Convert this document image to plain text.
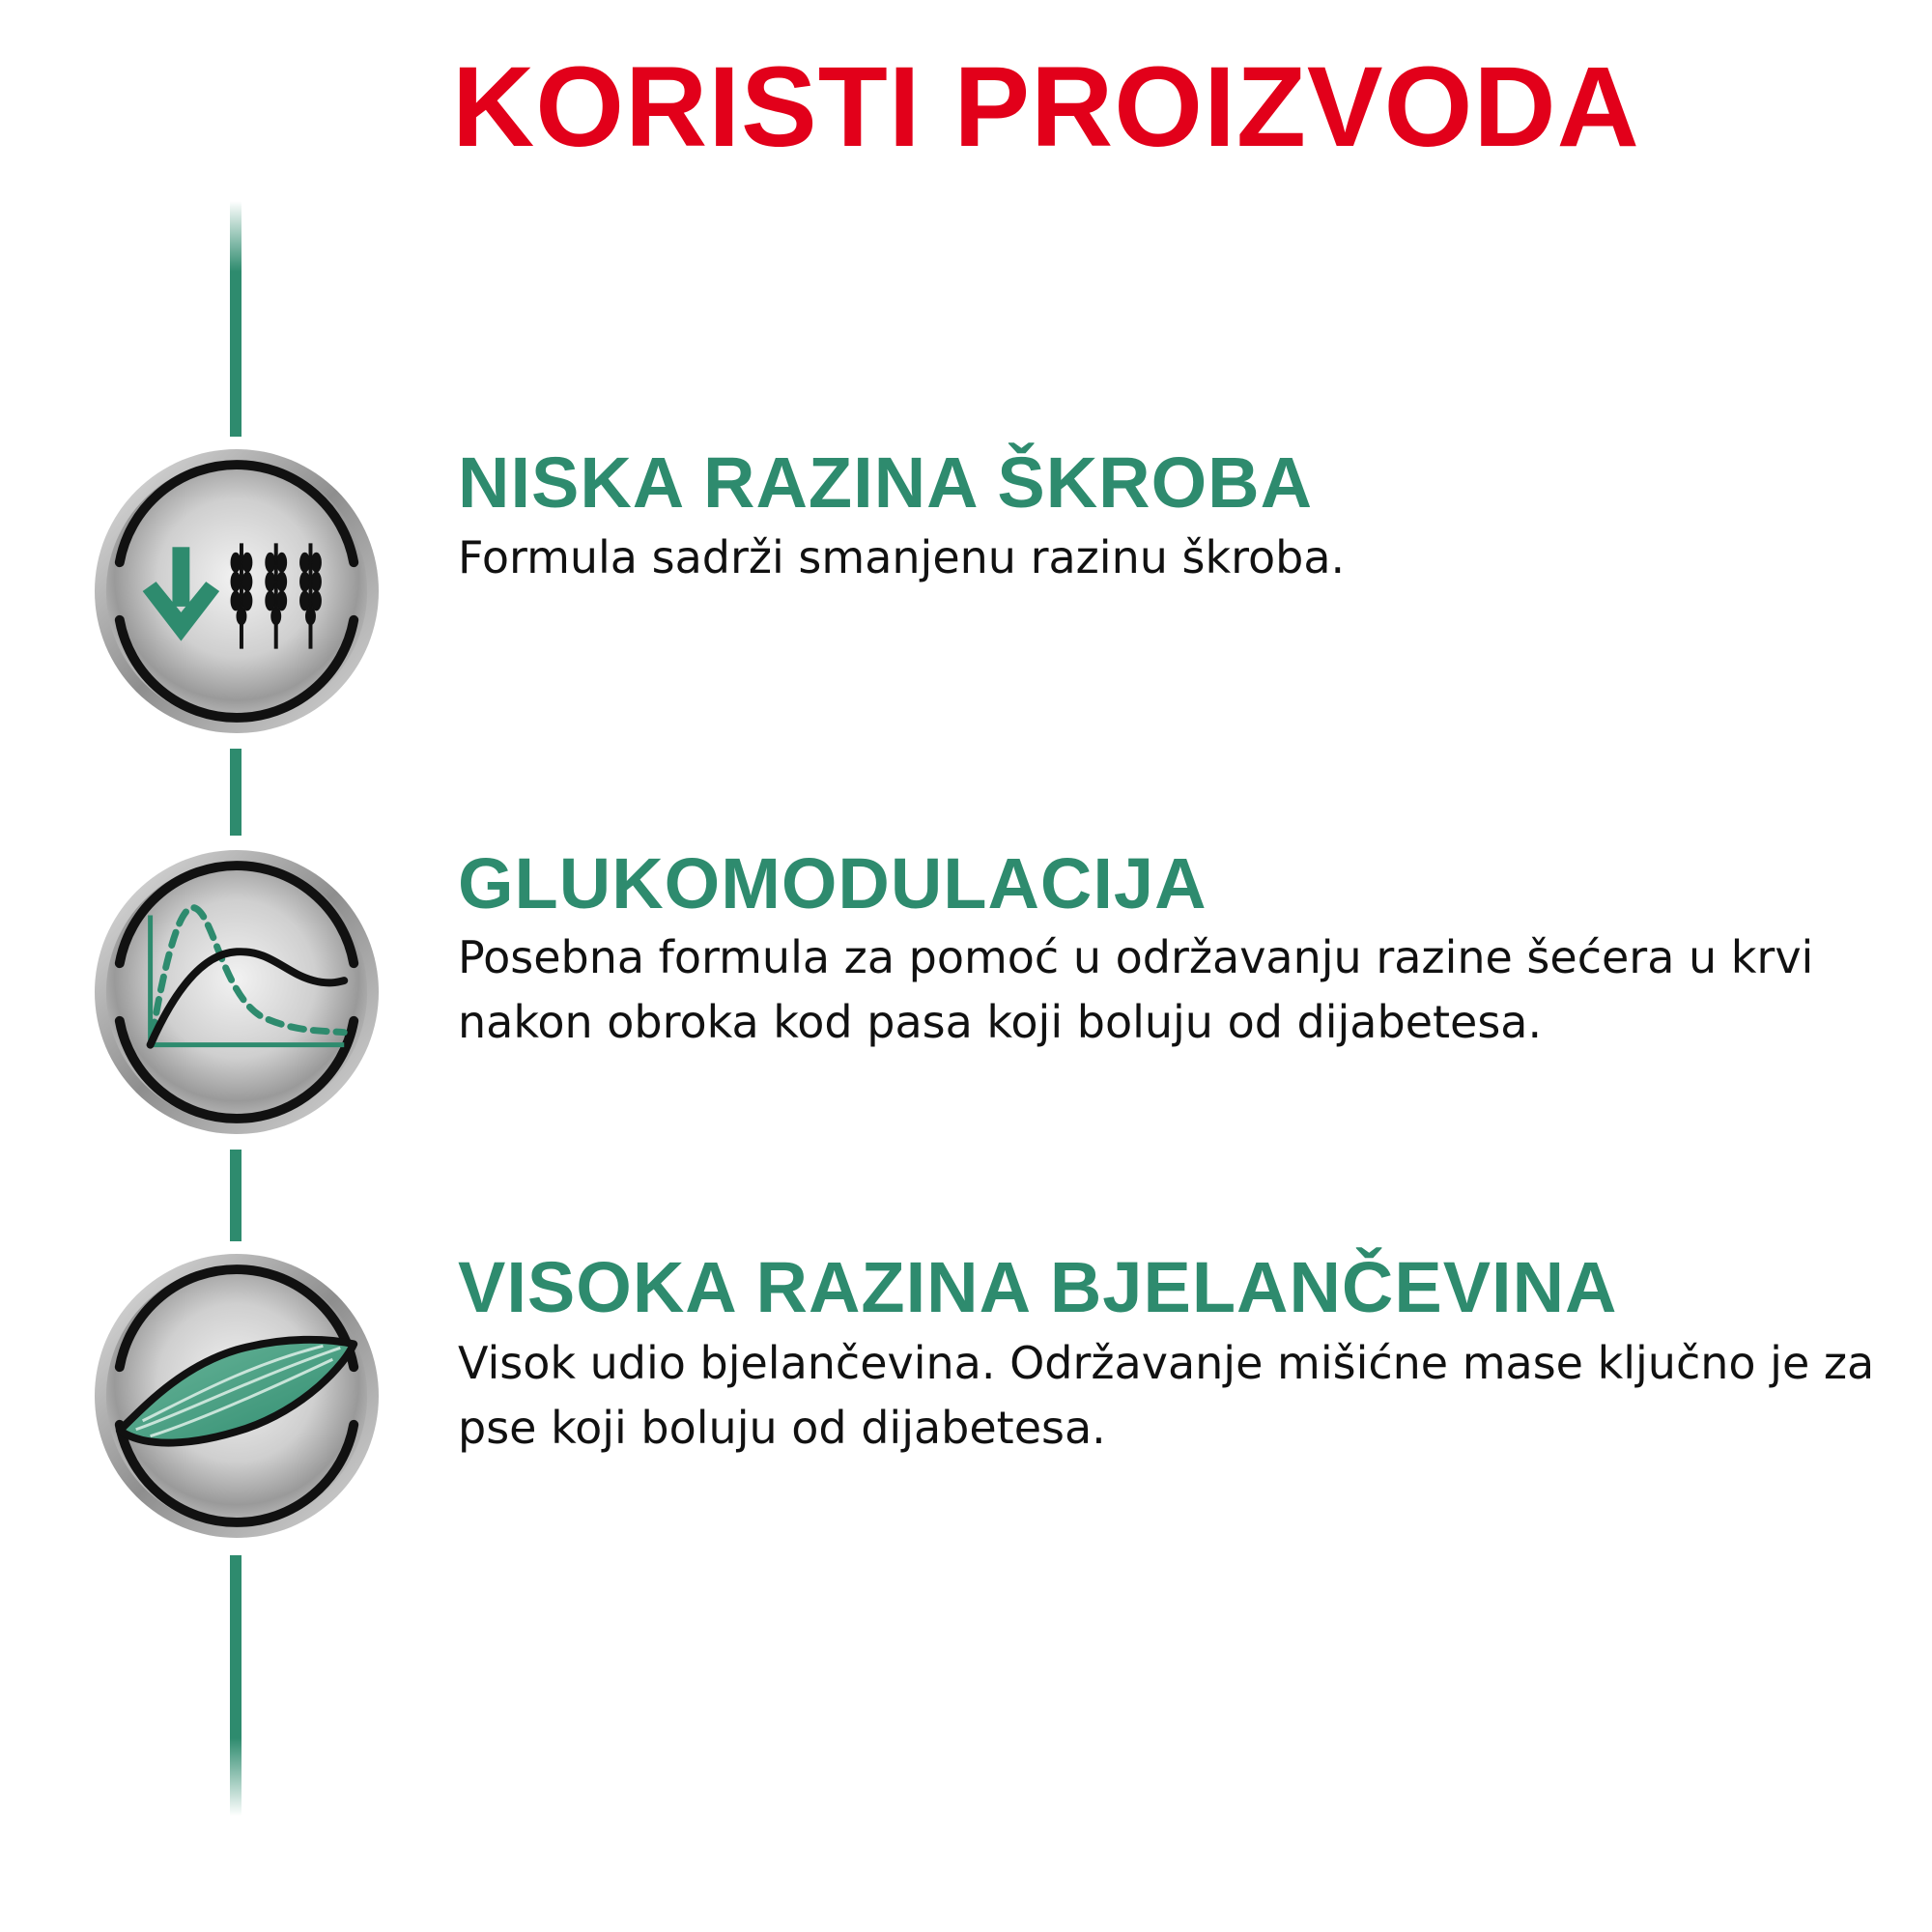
KORISTI PROIZVODA
NISKA RAZINA ŠKROBA
Formula sadrži smanjenu razinu škroba.
GLUKOMODULACIJA
Posebna formula za pomoć u održavanju razine šećera u krvi nakon obroka kod pasa koji boluju od dijabetesa.
VISOKA RAZINA BJELANČEVINA
Visok udio bjelančevina. Održavanje mišićne mase ključno je za pse koji boluju od dijabetesa.
